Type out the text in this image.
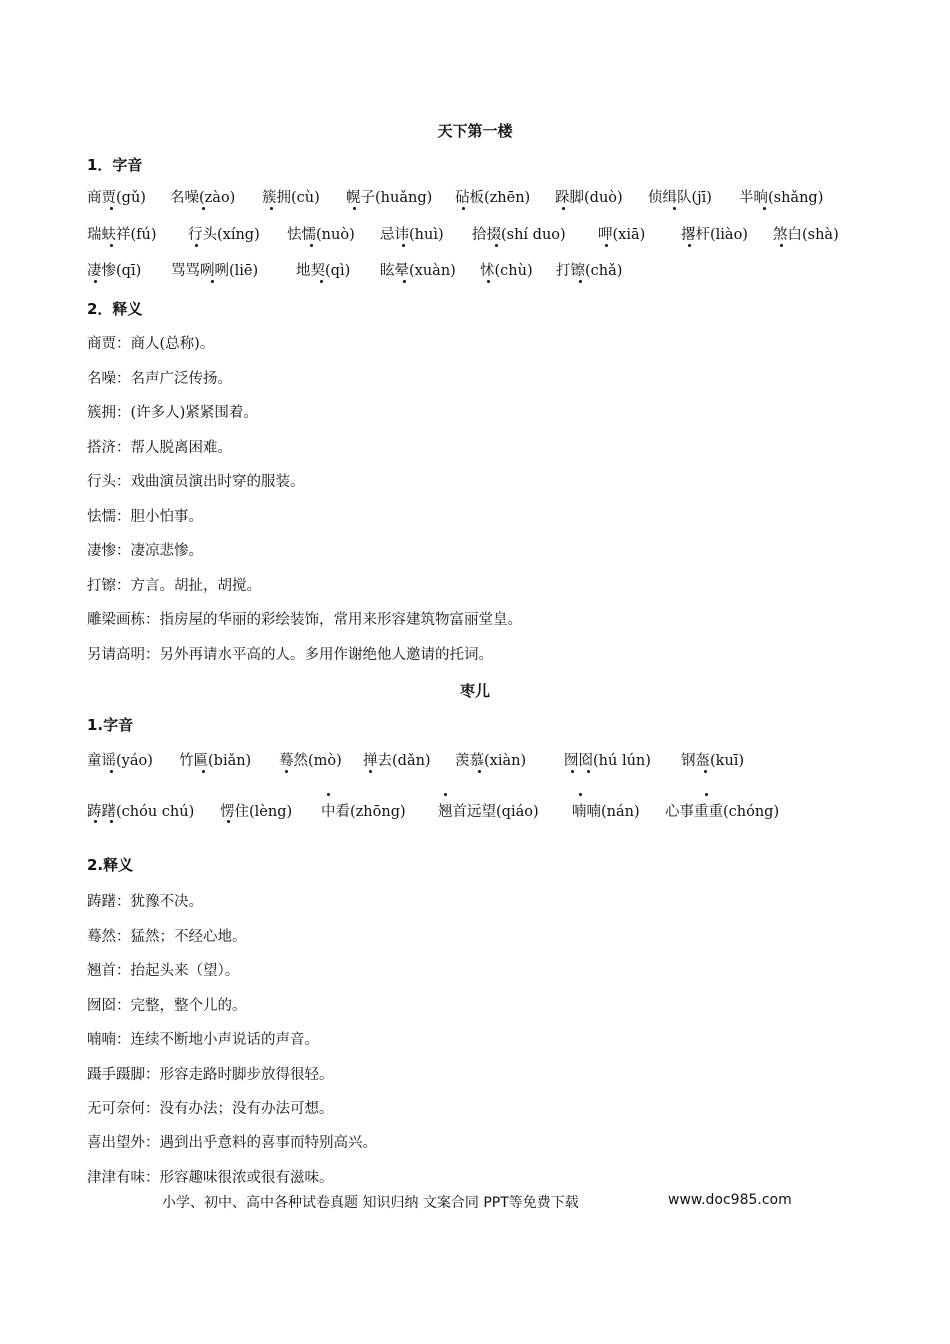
天下第一楼
1．字音
商贾(gǔ) 名噪(zào) 簇拥(cù) 幌子(huǎng) 砧板(zhēn) 跺脚(duò) 侦缉队(jī) 半晌(shǎng)
瑞蚨祥(fú) 行头(xíng) 怯懦(nuò) 忌讳(huì) 拾掇(shí duo) 呷(xiā) 撂杆(liào) 煞白(shà)
凄惨(qī) 骂骂咧咧(liē)	地契(qì) 眩晕(xuàn) 怵(chù) 打镲(chǎ)
2．释义
商贾：商人(总称)。
名噪：名声广泛传扬。
簇拥：(许多人)紧紧围着。
搭济：帮人脱离困难。
行头：戏曲演员演出时穿的服装。
怯懦：胆小怕事。
凄惨：凄凉悲惨。
打镲：方言。胡扯，胡搅。
雕梁画栋：指房屋的华丽的彩绘装饰，常用来形容建筑物富丽堂皇。
另请高明：另外再请水平高的人。多用作谢绝他人邀请的托词。
枣儿
1.字音
童谣(yáo) 竹匾(biǎn) 蓦然(mò) 掸去(dǎn) 羡慕(xiàn)	囫囵(hú lún) 钢盔(kuī)
踌躇(chóu chú) 愣住(lèng) 中看(zhōng) 翘首远望(qiáo) 喃喃(nán) 心事重重(chóng)
2.释义
踌躇：犹豫不决。
蓦然：猛然；不经心地。
翘首：抬起头来（望）。
囫囵：完整，整个儿的。
喃喃：连续不断地小声说话的声音。
蹑手蹑脚：形容走路时脚步放得很轻。
无可奈何：没有办法；没有办法可想。
喜出望外：遇到出乎意料的喜事而特别高兴。
津津有味：形容趣味很浓或很有滋味。
小学、初中、高中各种试卷真题 知识归纳 文案合同 PPT等免费下载	www.doc985.com
